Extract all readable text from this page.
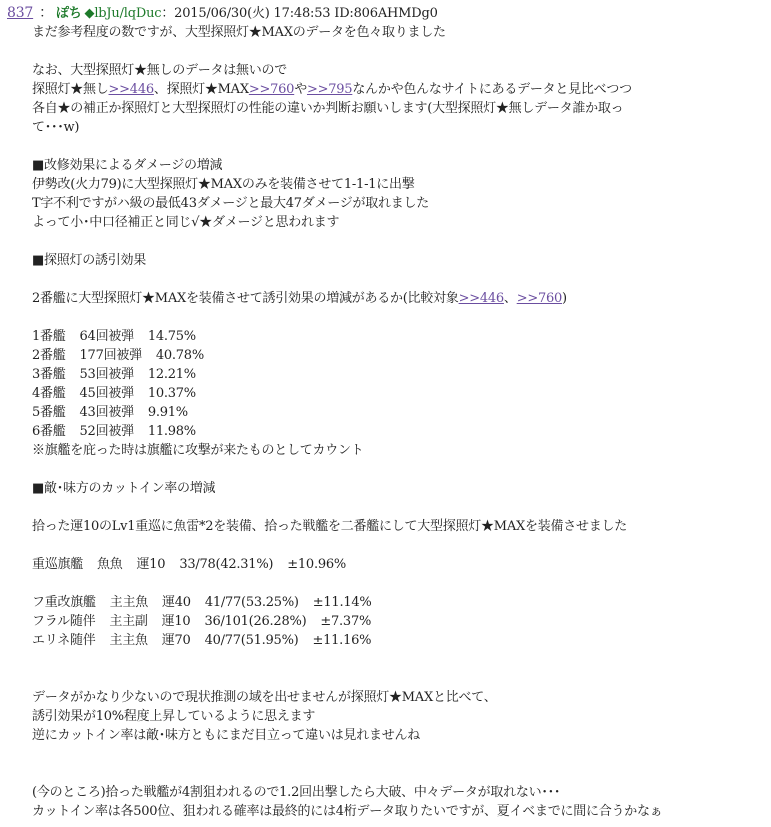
837 ： ぽち ◆lbJu/lqDuc：2015/06/30(火) 17:48:53 ID:806AHMDg0
まだ参考程度の数ですが、大型探照灯★MAXのデータを色々取りました
なお、大型探照灯★無しのデータは無いので
探照灯★無し>>446、探照灯★MAX>>760や>>795なんかや色んなサイトにあるデータと見比べつつ
各自★の補正か探照灯と大型探照灯の性能の違いか判断お願いします(大型探照灯★無しデータ誰か取っ
て･･･w)
■改修効果によるダメージの増減
伊勢改(火力79)に大型探照灯★MAXのみを装備させて1-1-1に出撃
T字不利ですがハ級の最低43ダメージと最大47ダメージが取れました
よって小･中口径補正と同じ√★ダメージと思われます
■探照灯の誘引効果
2番艦に大型探照灯★MAXを装備させて誘引効果の増減があるか(比較対象>>446、>>760)
1番艦 64回被弾 14.75%
2番艦 177回被弾 40.78%
3番艦 53回被弾 12.21%
4番艦 45回被弾 10.37%
5番艦 43回被弾 9.91%
6番艦 52回被弾 11.98%
※旗艦を庇った時は旗艦に攻撃が来たものとしてカウント
■敵･味方のカットイン率の増減
拾った運10のLv1重巡に魚雷*2を装備、拾った戦艦を二番艦にして大型探照灯★MAXを装備させました
重巡旗艦 魚魚 運10 33/78(42.31%) ±10.96%
フ重改旗艦 主主魚 運40 41/77(53.25%) ±11.14%
フラル随伴 主主副 運10 36/101(26.28%) ±7.37%
エリネ随伴 主主魚 運70 40/77(51.95%) ±11.16%
データがかなり少ないので現状推測の域を出せませんが探照灯★MAXと比べて、
誘引効果が10%程度上昇しているように思えます
逆にカットイン率は敵･味方ともにまだ目立って違いは見れませんね
(今のところ)拾った戦艦が4割狙われるので1.2回出撃したら大破、中々データが取れない･･･
カットイン率は各500位、狙われる確率は最終的には4桁データ取りたいですが、夏イベまでに間に合うかなぁ
